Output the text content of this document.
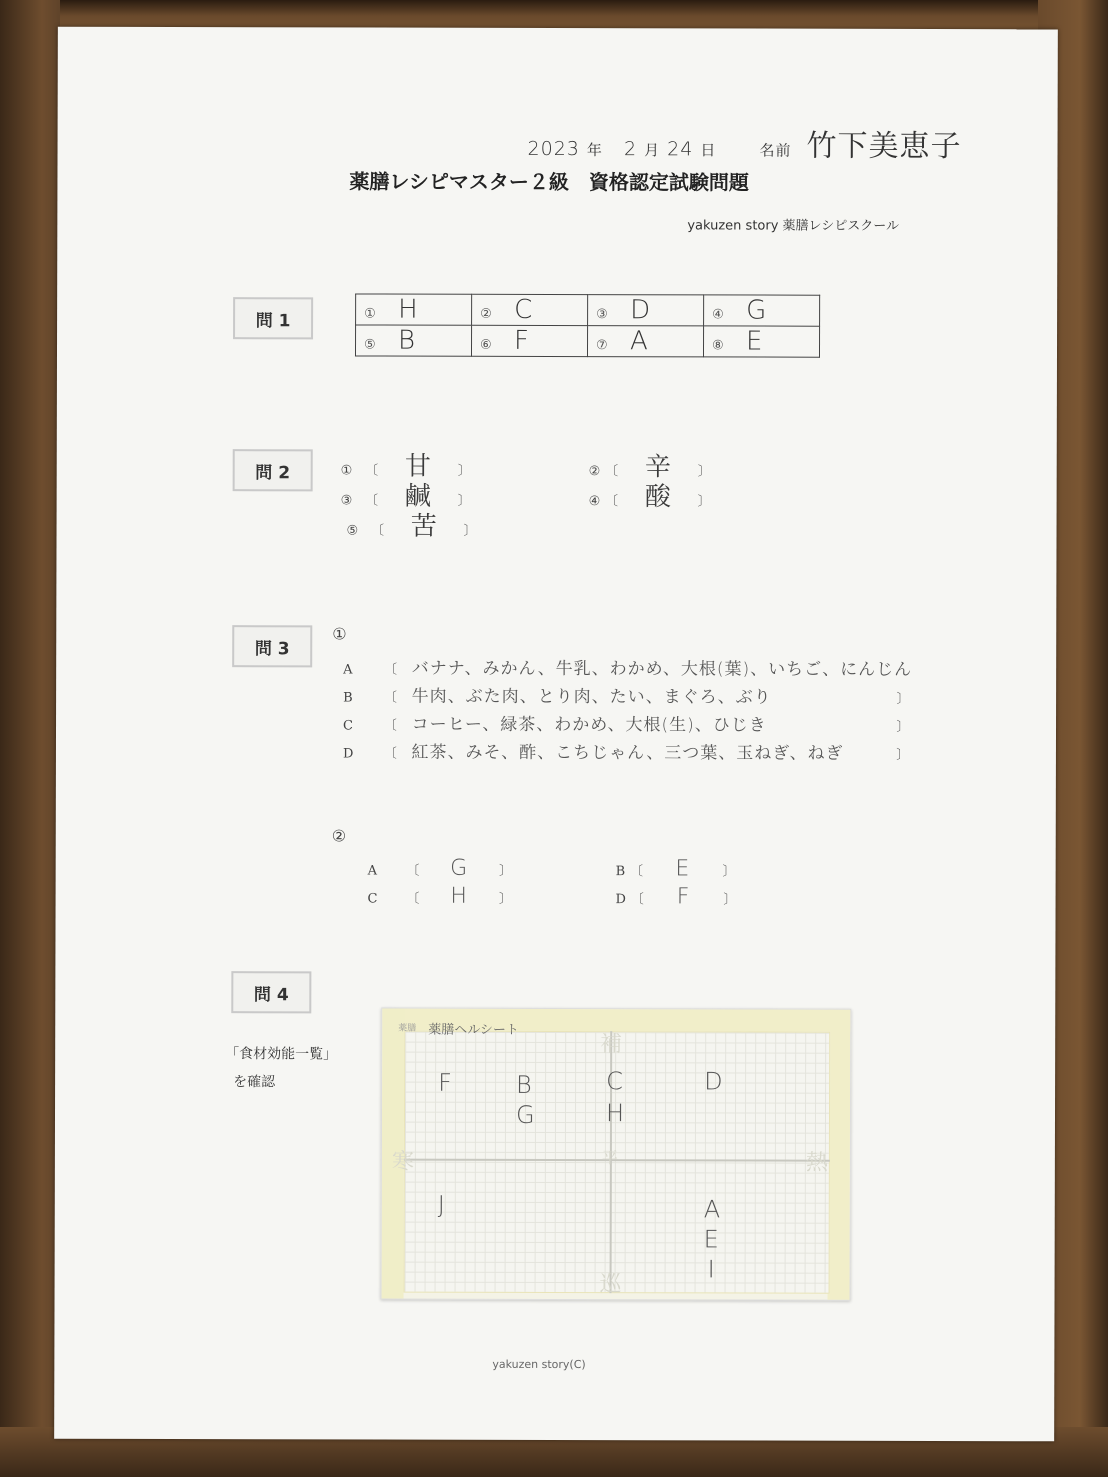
2023 年 2 月 24 日	名前 竹下美恵子
薬膳レシピマスター２級　資格認定試験問題
yakuzen story 薬膳レシピスクール
問 1	① H	② C	③ D	④ G
⑤ B	⑥ F	⑦ A	⑧ E
問 2	① 〔 甘 〕	② 〔 辛 〕
③ 〔 鹹 〕	④ 〔 酸 〕
⑤ 〔 苦 〕
問 3
①
A 〔 バナナ、みかん、牛乳、わかめ、大根(葉)、いちご、にんじん
B 〔 牛肉、ぶた肉、とり肉、たい、まぐろ、ぶり	〕
C 〔 コーヒー、緑茶、わかめ、大根(生)、ひじき	〕
D 〔 紅茶、みそ、酢、こちじゃん、三つ葉、玉ねぎ、ねぎ	〕
②
A 〔 G 〕	B 〔 E 〕
C 〔 H 〕	D 〔 F	〕
問 4
「食材効能一覧」
を確認
薬膳 薬膳ヘルシート
補
巡
寒	熱
平
F	B
G
C
H
D
J	A
E
I
yakuzen story(C)
